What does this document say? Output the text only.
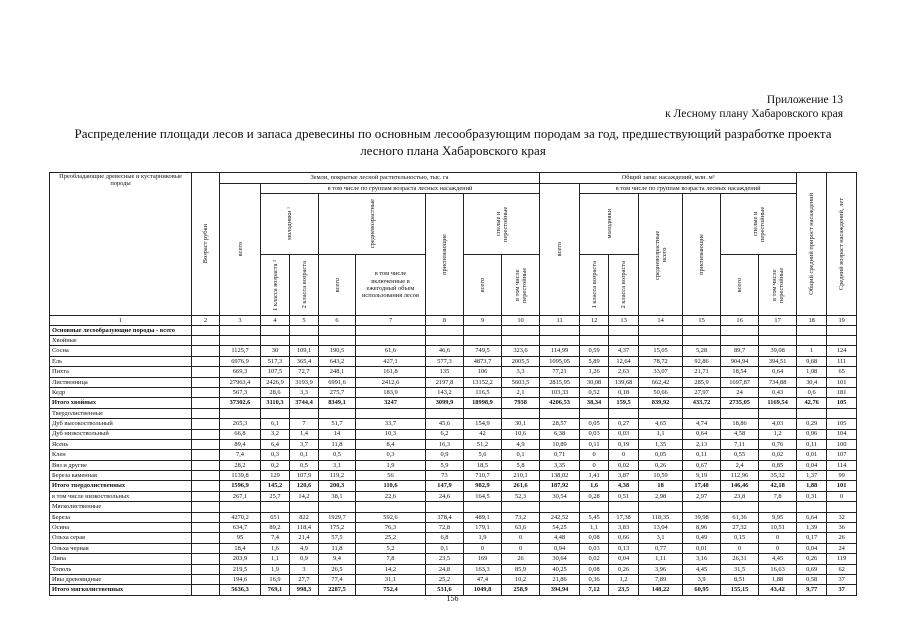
Приложение 13
к Лесному плану Хабаровского края
Распределение площади лесов и запаса древесины по основным лесообразующим породам за год, предшествующий разработке проекта
лесного плана Хабаровского края
Преобладающие древесные и кустарниковые породы	Возраст рубки	Земли, покрытые лесной растительностью, тыс. га								Общий запас насаждений, млн. м³							Общий средний прирост насаждений	Средний возраст насаждений, лет

		всего	в том числе по группам возраста лесных насаждений							всего	в том числе по группам возраста лесных насаждений							

			молодняки ¹		средневозрастные		приспевающие	спелые и перестойные			молодняки		средневозрастные всего	приспевающие	спелые и перестойные			

			1 класса возраста ²	2 класса возраста	всего	в том числе включенные в ежегодный объем использования лесов		всего	в том числе перестойные		1 класса возраста	2 класса возраста			всего	в том числе перестойные		

1	2	3	4	5	6	7	8	9	10	11	12	13	14	15	16	17	18	19
Основные лесообразующие породы - всего																		
Хвойные																		
Сосна		1125,7	30	109,1	190,5	61,6	46,6	749,5	323,6	114,99	0,59	4,37	15,05	5,28	89,7	39,08	1	124
Ель		6976,9	517,3	365,4	643,2	427,1	577,3	4873,7	2005,5	1095,05	5,89	12,64	78,72	92,86	904,94	394,51	9,68	111
Пихта		669,3	107,5	72,7	248,1	161,8	135	106	3,3	77,21	1,26	2,63	33,07	21,71	18,54	0,64	1,08	65
Лиственница		27963,4	2426,9	3193,9	6991,6	2412,6	2197,8	13152,2	5603,5	2815,95	30,08	139,68	662,42	285,9	1697,87	734,88	30,4	101
Кедр		567,3	28,6	3,3	275,7	183,9	143,2	116,5	2,1	103,33	0,52	0,18	50,66	27,97	24	0,43	0,6	181
Итого хвойных		37302,6	3110,3	3744,4	8349,1	3247	3099,9	18998,9	7938	4206,53	38,34	159,5	839,92	433,72	2735,05	1169,54	42,76	105
Твердолиственные																		
Дуб высокоствольный		265,3	6,1	7	51,7	33,7	45,6	154,9	30,1	28,57	0,05	0,27	4,65	4,74	18,86	4,03	0,29	105
Дуб низкоствольный		66,8	3,2	1,4	14	10,3	6,2	42	10,6	6,38	0,03	0,03	1,1	0,64	4,58	1,2	0,06	104
Ясень		89,4	6,4	3,7	11,8	8,4	16,3	51,2	4,9	10,89	0,11	0,19	1,35	2,13	7,11	0,76	0,11	100
Клен		7,4	0,3	0,1	0,5	0,3	0,9	5,6	0,1	0,71	0	0	0,05	0,11	0,55	0,02	0,01	107
Вяз и другие		28,2	0,2	0,5	3,1	1,9	5,9	18,5	5,8	3,35	0	0,02	0,26	0,67	2,4	0,85	0,04	114
Береза каменная		1139,8	129	107,9	119,2	56	73	710,7	210,1	138,02	1,41	3,87	10,59	9,19	112,96	35,32	1,37	99
Итого твердолиственных		1596,9	145,2	120,6	200,3	110,6	147,9	982,9	261,6	187,92	1,6	4,38	18	17,48	146,46	42,18	1,88	101
в том числе низкоствольных		267,1	25,7	14,2	38,1	22,6	24,6	164,5	52,3	30,54	0,28	0,51	2,98	2,97	23,8	7,8	0,31	0
Мягколиственные																		
Береза		4270,2	651	822	1929,7	592,6	378,4	489,1	73,2	242,52	5,45	17,38	118,35	39,98	61,36	9,95	6,64	32
Осина		634,7	89,2	118,4	175,2	76,3	72,8	179,1	63,6	54,25	1,1	3,83	13,04	8,96	27,32	10,51	1,39	36
Ольха серая		95	7,4	21,4	57,5	25,2	6,8	1,9	0	4,48	0,08	0,66	3,1	0,49	0,15	0	0,17	26
Ольха черная		18,4	1,6	4,9	11,8	5,2	0,1	0	0	0,94	0,03	0,13	0,77	0,01	0	0	0,04	24
Липа		203,9	1,1	0,9	9,4	7,8	23,5	169	26	30,64	0,02	0,04	1,11	3,16	26,31	4,45	0,26	119
Тополь		219,5	1,9	3	26,5	14,2	24,8	163,3	85,9	40,25	0,08	0,26	3,96	4,45	31,5	16,63	0,69	62
Ивы древовидные		194,6	16,9	27,7	77,4	31,1	25,2	47,4	10,2	21,86	0,36	1,2	7,89	3,9	8,51	1,88	0,58	37
Итого мягколиственных		5636,3	769,1	998,3	2287,5	752,4	531,6	1049,8	258,9	394,94	7,12	23,5	148,22	60,95	155,15	43,42	9,77	37
156
